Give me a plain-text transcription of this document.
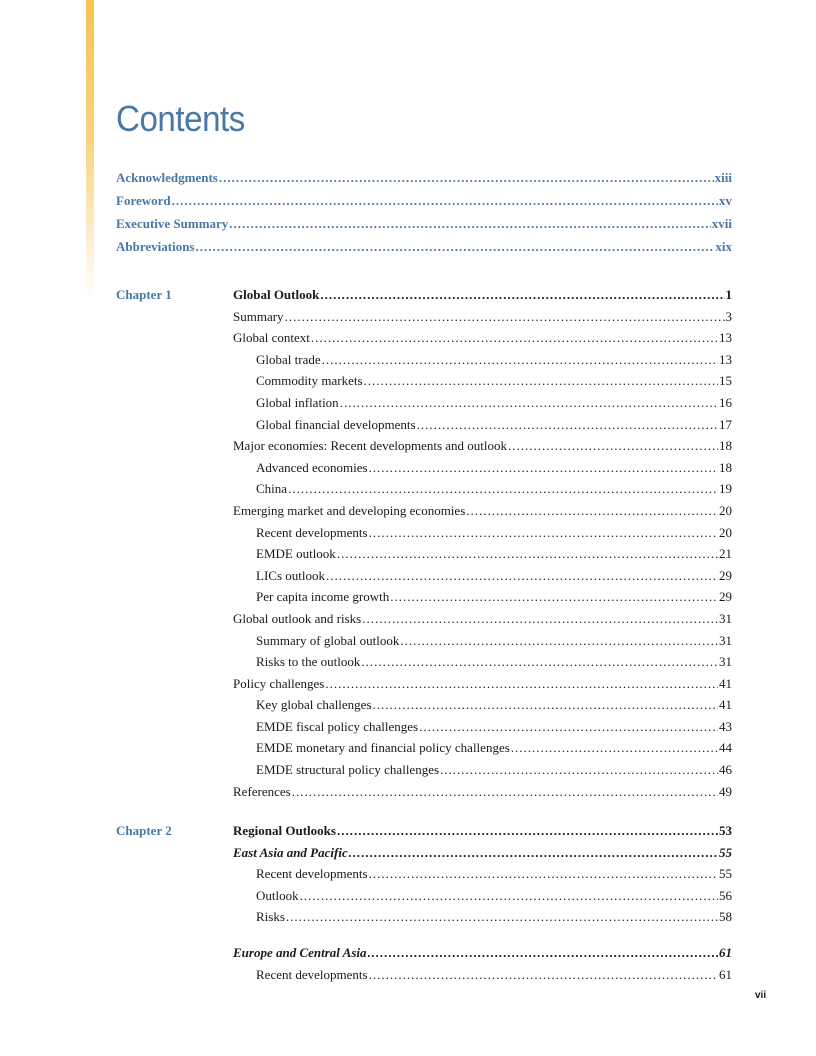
Contents
Acknowledgments .....	xiii
Foreword .....	xv
Executive Summary .....	xvii
Abbreviations .....	xix
Chapter 1	Global Outlook .....	1
Summary .....	3
Global context .....	13
Global trade .....	13
Commodity markets .....	15
Global inflation .....	16
Global financial developments .....	17
Major economies: Recent developments and outlook .....	18
Advanced economies .....	18
China .....	19
Emerging market and developing economies .....	20
Recent developments .....	20
EMDE outlook .....	21
LICs outlook .....	29
Per capita income growth .....	29
Global outlook and risks .....	31
Summary of global outlook .....	31
Risks to the outlook .....	31
Policy challenges .....	41
Key global challenges .....	41
EMDE fiscal policy challenges .....	43
EMDE monetary and financial policy challenges .....	44
EMDE structural policy challenges .....	46
References .....	49
Chapter 2	Regional Outlooks .....	53
East Asia and Pacific .....	55
Recent developments .....	55
Outlook .....	56
Risks .....	58
Europe and Central Asia .....	61
Recent developments .....	61
vii
